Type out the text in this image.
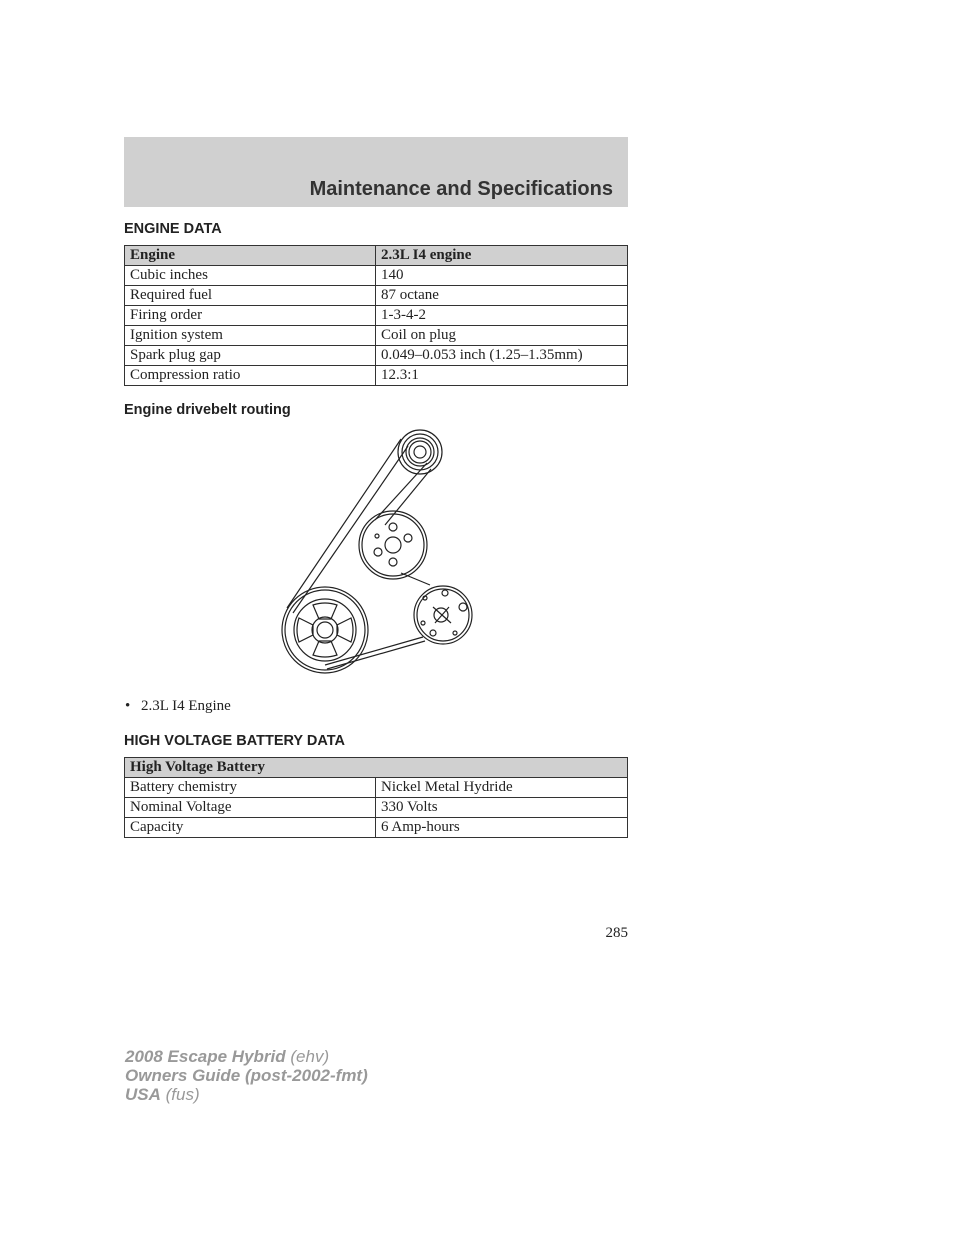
Maintenance and Specifications
ENGINE DATA
Engine	2.3L I4 engine
Cubic inches	140
Required fuel	87 octane
Firing order	1-3-4-2
Ignition system	Coil on plug
Spark plug gap	0.049–0.053 inch (1.25–1.35mm)
Compression ratio	12.3:1
Engine drivebelt routing
• 2.3L I4 Engine
HIGH VOLTAGE BATTERY DATA
High Voltage Battery	
Battery chemistry	Nickel Metal Hydride
Nominal Voltage	330 Volts
Capacity	6 Amp-hours
285
2008 Escape Hybrid (ehv)
Owners Guide (post-2002-fmt)
USA (fus)
